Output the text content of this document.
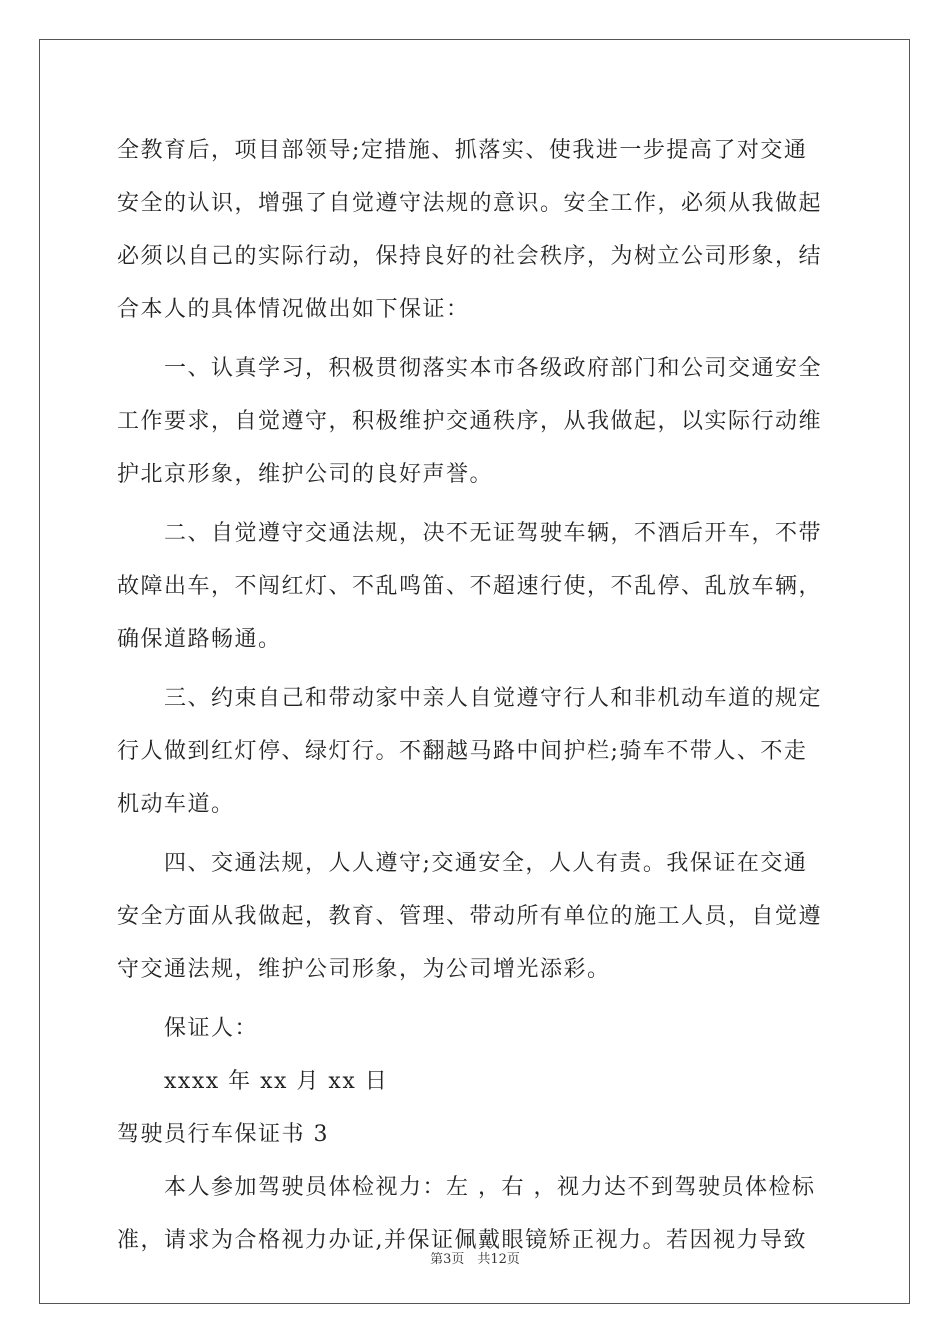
全教育后，项目部领导;定措施、抓落实、使我进一步提高了对交通
安全的认识，增强了自觉遵守法规的意识。安全工作，必须从我做起
必须以自己的实际行动，保持良好的社会秩序，为树立公司形象，结
合本人的具体情况做出如下保证：
一、认真学习，积极贯彻落实本市各级政府部门和公司交通安全
工作要求，自觉遵守，积极维护交通秩序，从我做起，以实际行动维
护北京形象，维护公司的良好声誉。
二、自觉遵守交通法规，决不无证驾驶车辆，不酒后开车，不带
故障出车，不闯红灯、不乱鸣笛、不超速行使，不乱停、乱放车辆，
确保道路畅通。
三、约束自己和带动家中亲人自觉遵守行人和非机动车道的规定
行人做到红灯停、绿灯行。不翻越马路中间护栏;骑车不带人、不走
机动车道。
四、交通法规，人人遵守;交通安全，人人有责。我保证在交通
安全方面从我做起，教育、管理、带动所有单位的施工人员，自觉遵
守交通法规，维护公司形象，为公司增光添彩。
保证人：
xxxx 年 xx 月 xx 日
驾驶员行车保证书 3
本人参加驾驶员体检视力：左 ，右 ，视力达不到驾驶员体检标
准，请求为合格视力办证,并保证佩戴眼镜矫正视力。若因视力导致
第3页　共12页
